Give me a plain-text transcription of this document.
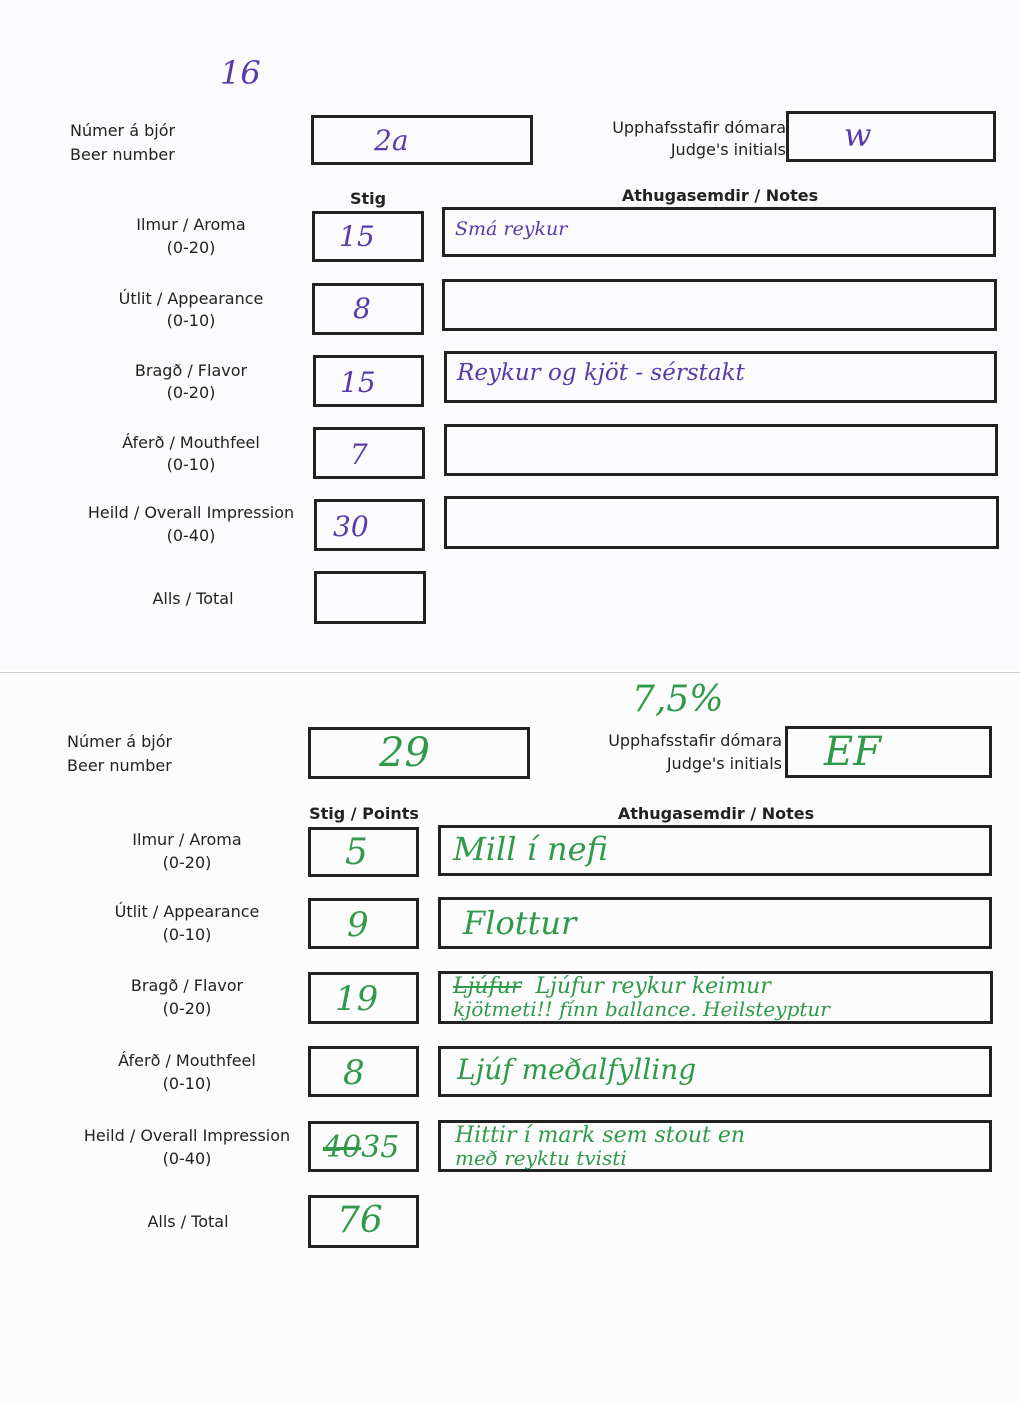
16
Númer á bjór
Beer number	2a	Upphafsstafir dómara
Judge's initials w
Stig	Athugasemdir / Notes
Ilmur / Aroma
(0-20)	15	Smá reykur
Útlit / Appearance
(0-10)	8
Bragð / Flavor
(0-20)	15	Reykur og kjöt - sérstakt
Áferð / Mouthfeel
(0-10)	7
Heild / Overall Impression
(0-40)	30
Alls / Total
7,5%
Númer á bjór
Beer number	29	Upphafsstafir dómara
Judge's initials EF
Stig / Points	Athugasemdir / Notes
Ilmur / Aroma
(0-20)	5	Mill í nefi
Útlit / Appearance
(0-10)	9	Flottur
Bragð / Flavor
(0-20)	19	Ljúfur Ljúfur reykur keimur
kjötmeti!! fínn ballance. Heilsteyptur
Áferð / Mouthfeel
(0-10)	8	Ljúf meðalfylling
Heild / Overall Impression
(0-40)	4035	Hittir í mark sem stout en
með reyktu tvisti
Alls / Total	76
